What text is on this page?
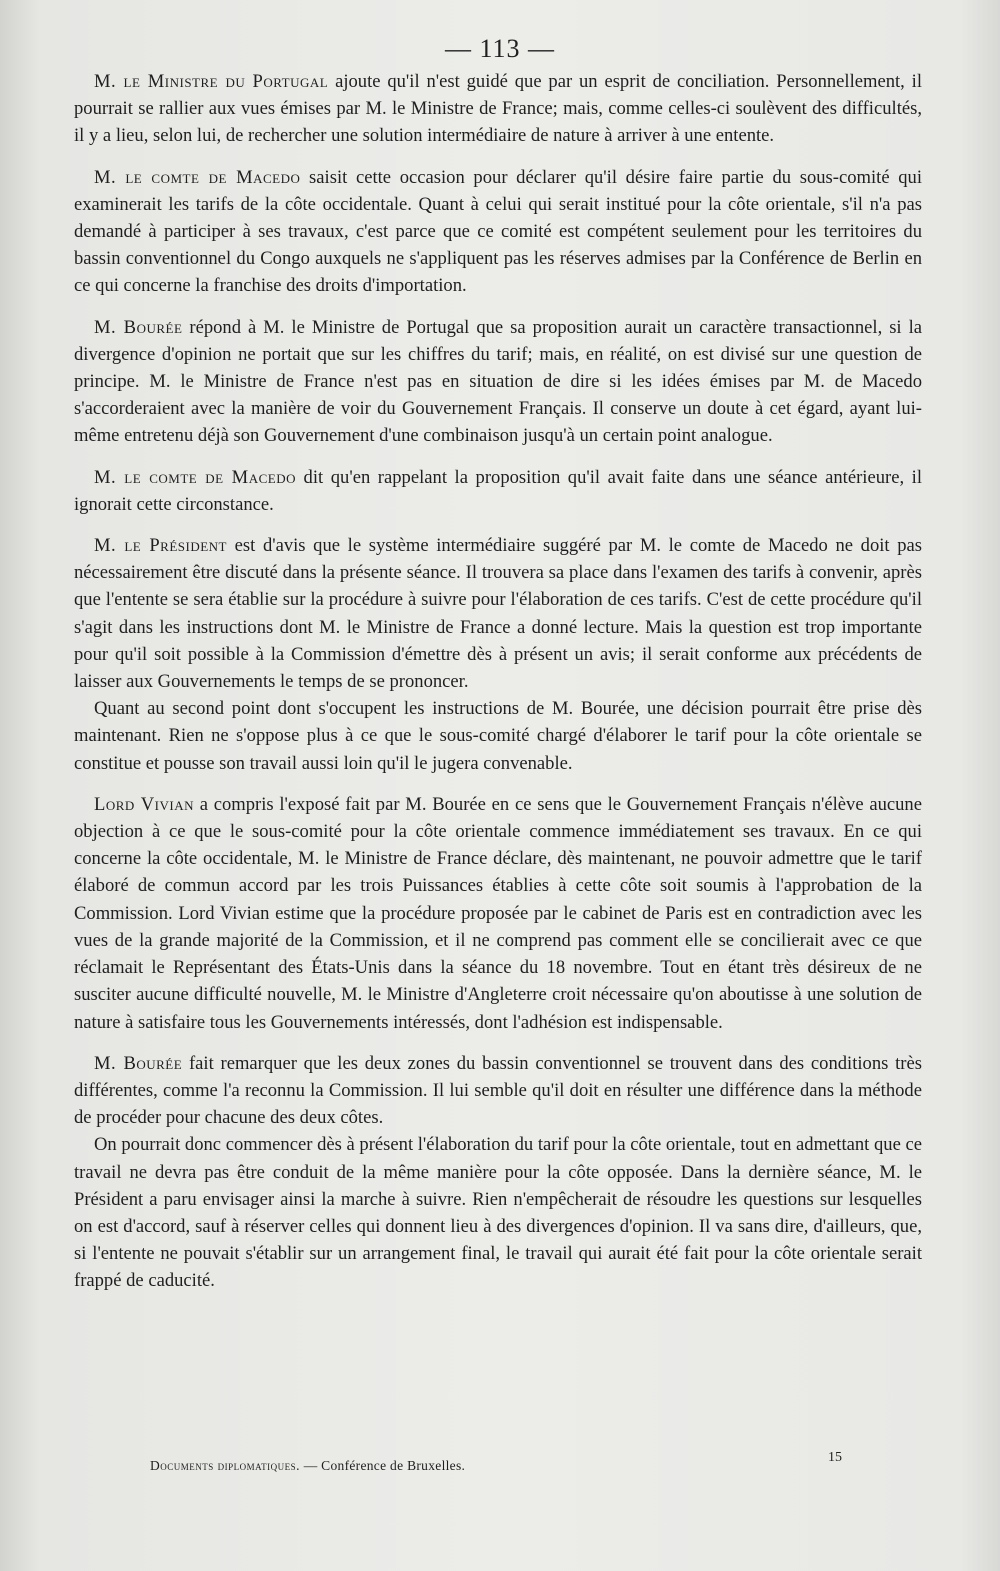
— 113 —

M. le Ministre du Portugal ajoute qu'il n'est guidé que par un esprit de conciliation. Personnellement, il pourrait se rallier aux vues émises par M. le Ministre de France; mais, comme celles-ci soulèvent des difficultés, il y a lieu, selon lui, de rechercher une solution intermédiaire de nature à arriver à une entente.

M. le comte de Macedo saisit cette occasion pour déclarer qu'il désire faire partie du sous-comité qui examinerait les tarifs de la côte occidentale. Quant à celui qui serait institué pour la côte orientale, s'il n'a pas demandé à participer à ses travaux, c'est parce que ce comité est compétent seulement pour les territoires du bassin conventionnel du Congo auxquels ne s'appliquent pas les réserves admises par la Conférence de Berlin en ce qui concerne la franchise des droits d'importation.

M. Bourée répond à M. le Ministre de Portugal que sa proposition aurait un caractère transactionnel, si la divergence d'opinion ne portait que sur les chiffres du tarif; mais, en réalité, on est divisé sur une question de principe. M. le Ministre de France n'est pas en situation de dire si les idées émises par M. de Macedo s'accorderaient avec la manière de voir du Gouvernement Français. Il conserve un doute à cet égard, ayant lui-même entretenu déjà son Gouvernement d'une combinaison jusqu'à un certain point analogue.

M. le comte de Macedo dit qu'en rappelant la proposition qu'il avait faite dans une séance antérieure, il ignorait cette circonstance.

M. le Président est d'avis que le système intermédiaire suggéré par M. le comte de Macedo ne doit pas nécessairement être discuté dans la présente séance. Il trouvera sa place dans l'examen des tarifs à convenir, après que l'entente se sera établie sur la procédure à suivre pour l'élaboration de ces tarifs. C'est de cette procédure qu'il s'agit dans les instructions dont M. le Ministre de France a donné lecture. Mais la question est trop importante pour qu'il soit possible à la Commission d'émettre dès à présent un avis; il serait conforme aux précédents de laisser aux Gouvernements le temps de se prononcer.

Quant au second point dont s'occupent les instructions de M. Bourée, une décision pourrait être prise dès maintenant. Rien ne s'oppose plus à ce que le sous-comité chargé d'élaborer le tarif pour la côte orientale se constitue et pousse son travail aussi loin qu'il le jugera convenable.

Lord Vivian a compris l'exposé fait par M. Bourée en ce sens que le Gouvernement Français n'élève aucune objection à ce que le sous-comité pour la côte orientale commence immédiatement ses travaux. En ce qui concerne la côte occidentale, M. le Ministre de France déclare, dès maintenant, ne pouvoir admettre que le tarif élaboré de commun accord par les trois Puissances établies à cette côte soit soumis à l'approbation de la Commission. Lord Vivian estime que la procédure proposée par le cabinet de Paris est en contradiction avec les vues de la grande majorité de la Commission, et il ne comprend pas comment elle se concilierait avec ce que réclamait le Représentant des États-Unis dans la séance du 18 novembre. Tout en étant très désireux de ne susciter aucune difficulté nouvelle, M. le Ministre d'Angleterre croit nécessaire qu'on aboutisse à une solution de nature à satisfaire tous les Gouvernements intéressés, dont l'adhésion est indispensable.

M. Bourée fait remarquer que les deux zones du bassin conventionnel se trouvent dans des conditions très différentes, comme l'a reconnu la Commission. Il lui semble qu'il doit en résulter une différence dans la méthode de procéder pour chacune des deux côtes.

On pourrait donc commencer dès à présent l'élaboration du tarif pour la côte orientale, tout en admettant que ce travail ne devra pas être conduit de la même manière pour la côte opposée. Dans la dernière séance, M. le Président a paru envisager ainsi la marche à suivre. Rien n'empêcherait de résoudre les questions sur lesquelles on est d'accord, sauf à réserver celles qui donnent lieu à des divergences d'opinion. Il va sans dire, d'ailleurs, que, si l'entente ne pouvait s'établir sur un arrangement final, le travail qui aurait été fait pour la côte orientale serait frappé de caducité.

Documents diplomatiques. — Conférence de Bruxelles.
15
